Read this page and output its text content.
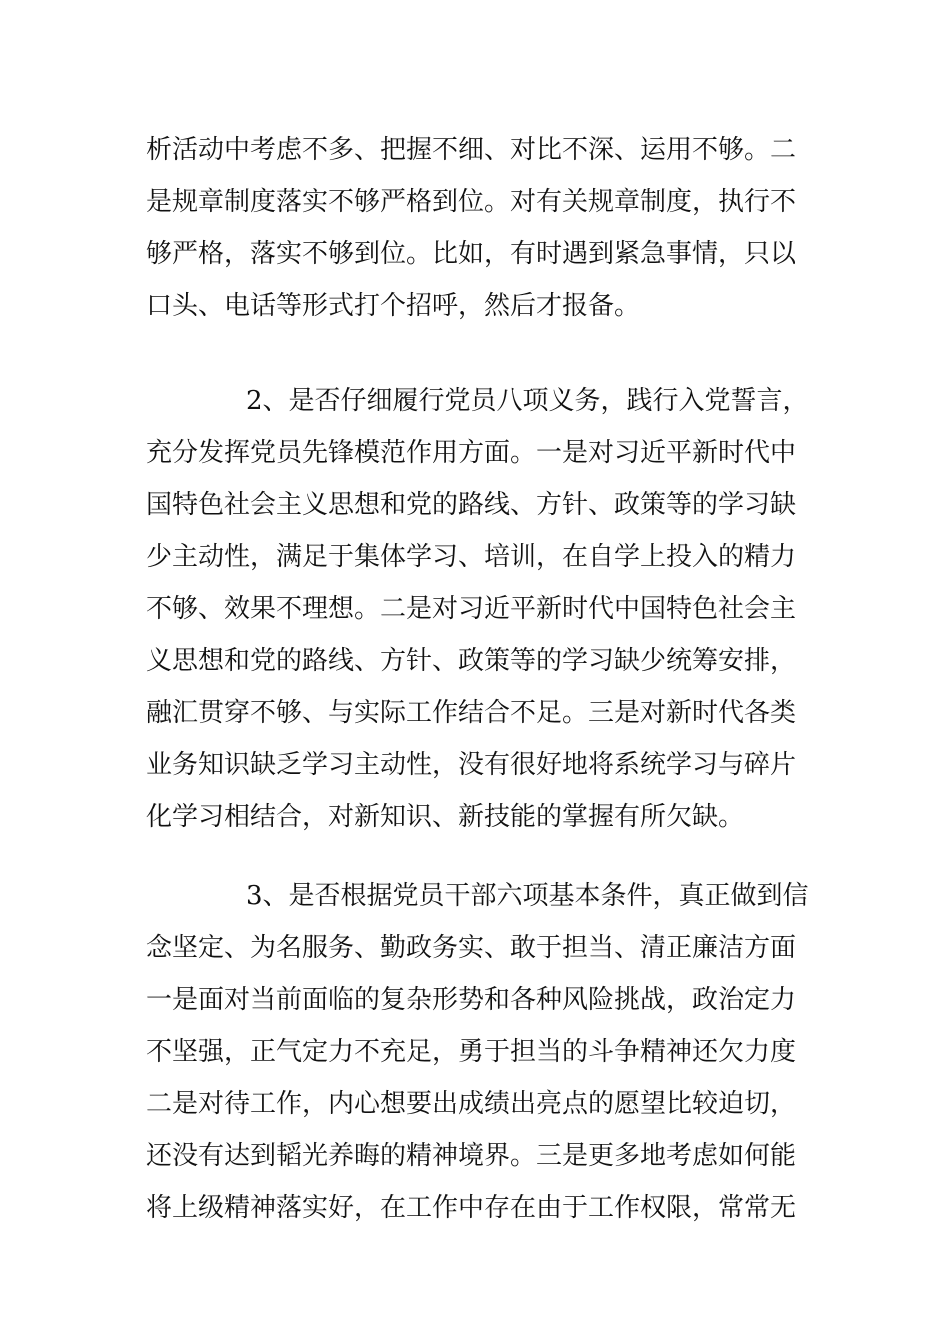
析活动中考虑不多、把握不细、对比不深、运用不够。二
是规章制度落实不够严格到位。对有关规章制度，执行不
够严格，落实不够到位。比如，有时遇到紧急事情，只以
口头、电话等形式打个招呼，然后才报备。
2、是否仔细履行党员八项义务，践行入党誓言，
充分发挥党员先锋模范作用方面。一是对习近平新时代中
国特色社会主义思想和党的路线、方针、政策等的学习缺
少主动性，满足于集体学习、培训，在自学上投入的精力
不够、效果不理想。二是对习近平新时代中国特色社会主
义思想和党的路线、方针、政策等的学习缺少统筹安排，
融汇贯穿不够、与实际工作结合不足。三是对新时代各类
业务知识缺乏学习主动性，没有很好地将系统学习与碎片
化学习相结合，对新知识、新技能的掌握有所欠缺。
3、是否根据党员干部六项基本条件，真正做到信
念坚定、为名服务、勤政务实、敢于担当、清正廉洁方面
一是面对当前面临的复杂形势和各种风险挑战，政治定力
不坚强，正气定力不充足，勇于担当的斗争精神还欠力度
二是对待工作，内心想要出成绩出亮点的愿望比较迫切，
还没有达到韬光养晦的精神境界。三是更多地考虑如何能
将上级精神落实好，在工作中存在由于工作权限，常常无
